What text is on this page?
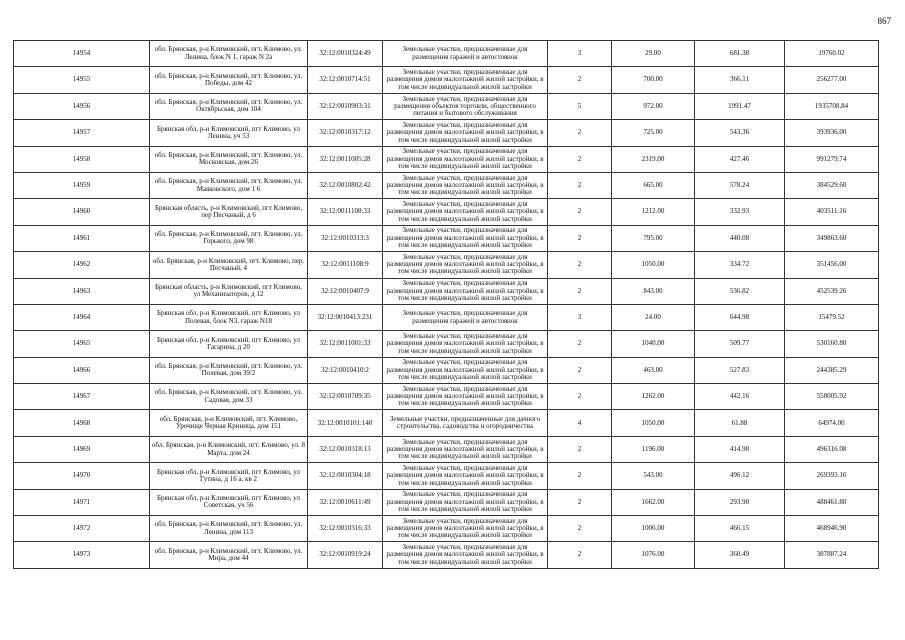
867
14954	обл. Брянская, р-н Климовский, пгт. Климово, ул. Ленина, блок N 1, гараж N 2а	32:12:0010324:49	Земельные участки, предназначенные для размещения гаражей и автостоянок	3	29.00	681.38	19760.02
14955	обл. Брянская, р-н Климовский, пгт. Климово, ул. Победы, дом 42	32:12:0010714:51	Земельные участки, предназначенные для размещения домов малоэтажной жилой застройки, в том числе индивидуальной жилой застройки	2	700.00	366.11	256277.00
14956	обл. Брянская, р-н Климовский, пгт. Климово, ул. Октябрьская, дом 104	32:12:0010903:31	Земельные участки, предназначенные для размещения объектов торговли, общественного питания и бытового обслуживания	5	972.00	1991.47	1935708.84
14957	Брянская обл, р-н Климовский, пгт Климово, ул Ленина, уч 53	32:12:0010317:12	Земельные участки, предназначенные для размещения домов малоэтажной жилой застройки, в том числе индивидуальной жилой застройки	2	725.00	543.36	393936.00
14958	обл. Брянская, р-н Климовский, пгт. Климово, ул. Московская, дом 26	32:12:0011005:28	Земельные участки, предназначенные для размещения домов малоэтажной жилой застройки, в том числе индивидуальной жилой застройки	2	2319.00	427.46	991279.74
14959	обл. Брянская, р-н Климовский, пгт. Климово, ул. Маяковского, дом 1 6	32:12:0010802:42	Земельные участки, предназначенные для размещения домов малоэтажной жилой застройки, в том числе индивидуальной жилой застройки	2	665.00	578.24	384529.60
14960	Брянская область, р-н Климовский, пгт Климово, пер Песчаный, д 6	32:12:0011108:33	Земельные участки, предназначенные для размещения домов малоэтажной жилой застройки, в том числе индивидуальной жилой застройки	2	1212.00	332.93	403511.16
14961	обл. Брянская, р-н Климовский, пгт. Климово, ул. Горького, дом 98	32:12:0010313:3	Земельные участки, предназначенные для размещения домов малоэтажной жилой застройки, в том числе индивидуальной жилой застройки	2	795.00	440.08	349863.60
14962	обл. Брянская, р-н Климовский, пгт. Климово, пер. Песчаный, 4	32:12:0011108:9	Земельные участки, предназначенные для размещения домов малоэтажной жилой застройки, в том числе индивидуальной жилой застройки	2	1050.00	334.72	351456.00
14963	Брянская область, р-н Климовский, пгт Климово, ул Механизаторов, д 12	32:12:0010407:9	Земельные участки, предназначенные для размещения домов малоэтажной жилой застройки, в том числе индивидуальной жилой застройки	2	843.00	536.82	452539.26
14964	Брянская обл, р-н Климовский, пгт Климово, ул Полевая, блок N3, гараж N18	32:12:0010413:231	Земельные участки, предназначенные для размещения гаражей и автостоянок	3	24.00	644.98	15479.52
14965	Брянская обл, р-н Климовский, пгт Климово, ул Гагарина, д 20	32:12:0011001:33	Земельные участки, предназначенные для размещения домов малоэтажной жилой застройки, в том числе индивидуальной жилой застройки	2	1040.00	509.77	530160.80
14966	обл. Брянская, р-н Климовский, пгт. Климово, ул. Полевая, дом 39/2	32:12:0010410:2	Земельные участки, предназначенные для размещения домов малоэтажной жилой застройки, в том числе индивидуальной жилой застройки	2	463.00	527.83	244385.29
14967	обл. Брянская, р-н Климовский, пгт. Климово, ул. Садовая, дом 33	32:12:0010709:35	Земельные участки, предназначенные для размещения домов малоэтажной жилой застройки, в том числе индивидуальной жилой застройки	2	1262.00	442.16	558005.92
14968	обл. Брянская, р-н Климовский, пгт. Климово, Урочище Черная Криница, дом 151	32:12:0010101:140	Земельные участки, предназначенные для дачного строительства, садоводства и огородничества	4	1050.00	61.88	64974.00
14969	обл. Брянская, р-н Климовский, пгт. Климово, ул. 8 Марта, дом 24	32:12:0010318:13	Земельные участки, предназначенные для размещения домов малоэтажной жилой застройки, в том числе индивидуальной жилой застройки	2	1196.00	414.98	496316.08
14970	Брянская обл, р-н Климовский, пгт Климово, ул Гутина, д 16 а, кв 2	32:12:0010304:18	Земельные участки, предназначенные для размещения домов малоэтажной жилой застройки, в том числе индивидуальной жилой застройки	2	543.00	496.12	269393.16
14971	Брянская обл, р-н Климовский, пгт Климово, ул Советская, уч 56	32:12:0010611:49	Земельные участки, предназначенные для размещения домов малоэтажной жилой застройки, в том числе индивидуальной жилой застройки	2	1662.00	293.90	488461.80
14972	обл. Брянская, р-н Климовский, пгт. Климово, ул. Ленина, дом 113	32:12:0010316:33	Земельные участки, предназначенные для размещения домов малоэтажной жилой застройки, в том числе индивидуальной жилой застройки	2	1006.00	466.15	468946.90
14973	обл. Брянская, р-н Климовский, пгт. Климово, ул. Мира, дом 44	32:12:0010919:24	Земельные участки, предназначенные для размещения домов малоэтажной жилой застройки, в том числе индивидуальной жилой застройки	2	1076.00	360.49	387887.24
